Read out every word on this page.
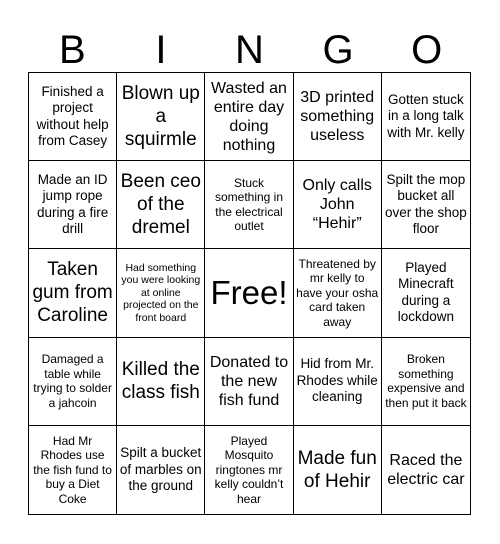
B	I	N	G	O
Finished a project without help from Casey
Blown up a squirmle
Wasted an entire day doing nothing
3D printed something useless
Gotten stuck in a long talk with Mr. kelly
Made an ID jump rope during a fire drill
Been ceo of the dremel
Stuck something in the electrical outlet
Only calls John “Hehir”
Spilt the mop bucket all over the shop floor
Taken gum from Caroline
Had something you were looking at online projected on the front board
Free!
Threatened by mr kelly to have your osha card taken away
Played Minecraft during a lockdown
Damaged a table while trying to solder a jahcoin
Killed the class fish
Donated to the new fish fund
Hid from Mr. Rhodes while cleaning
Broken something expensive and then put it back
Had Mr Rhodes use the fish fund to buy a Diet Coke
Spilt a bucket of marbles on the ground
Played Mosquito ringtones mr kelly couldn’t hear
Made fun of Hehir
Raced the electric car
